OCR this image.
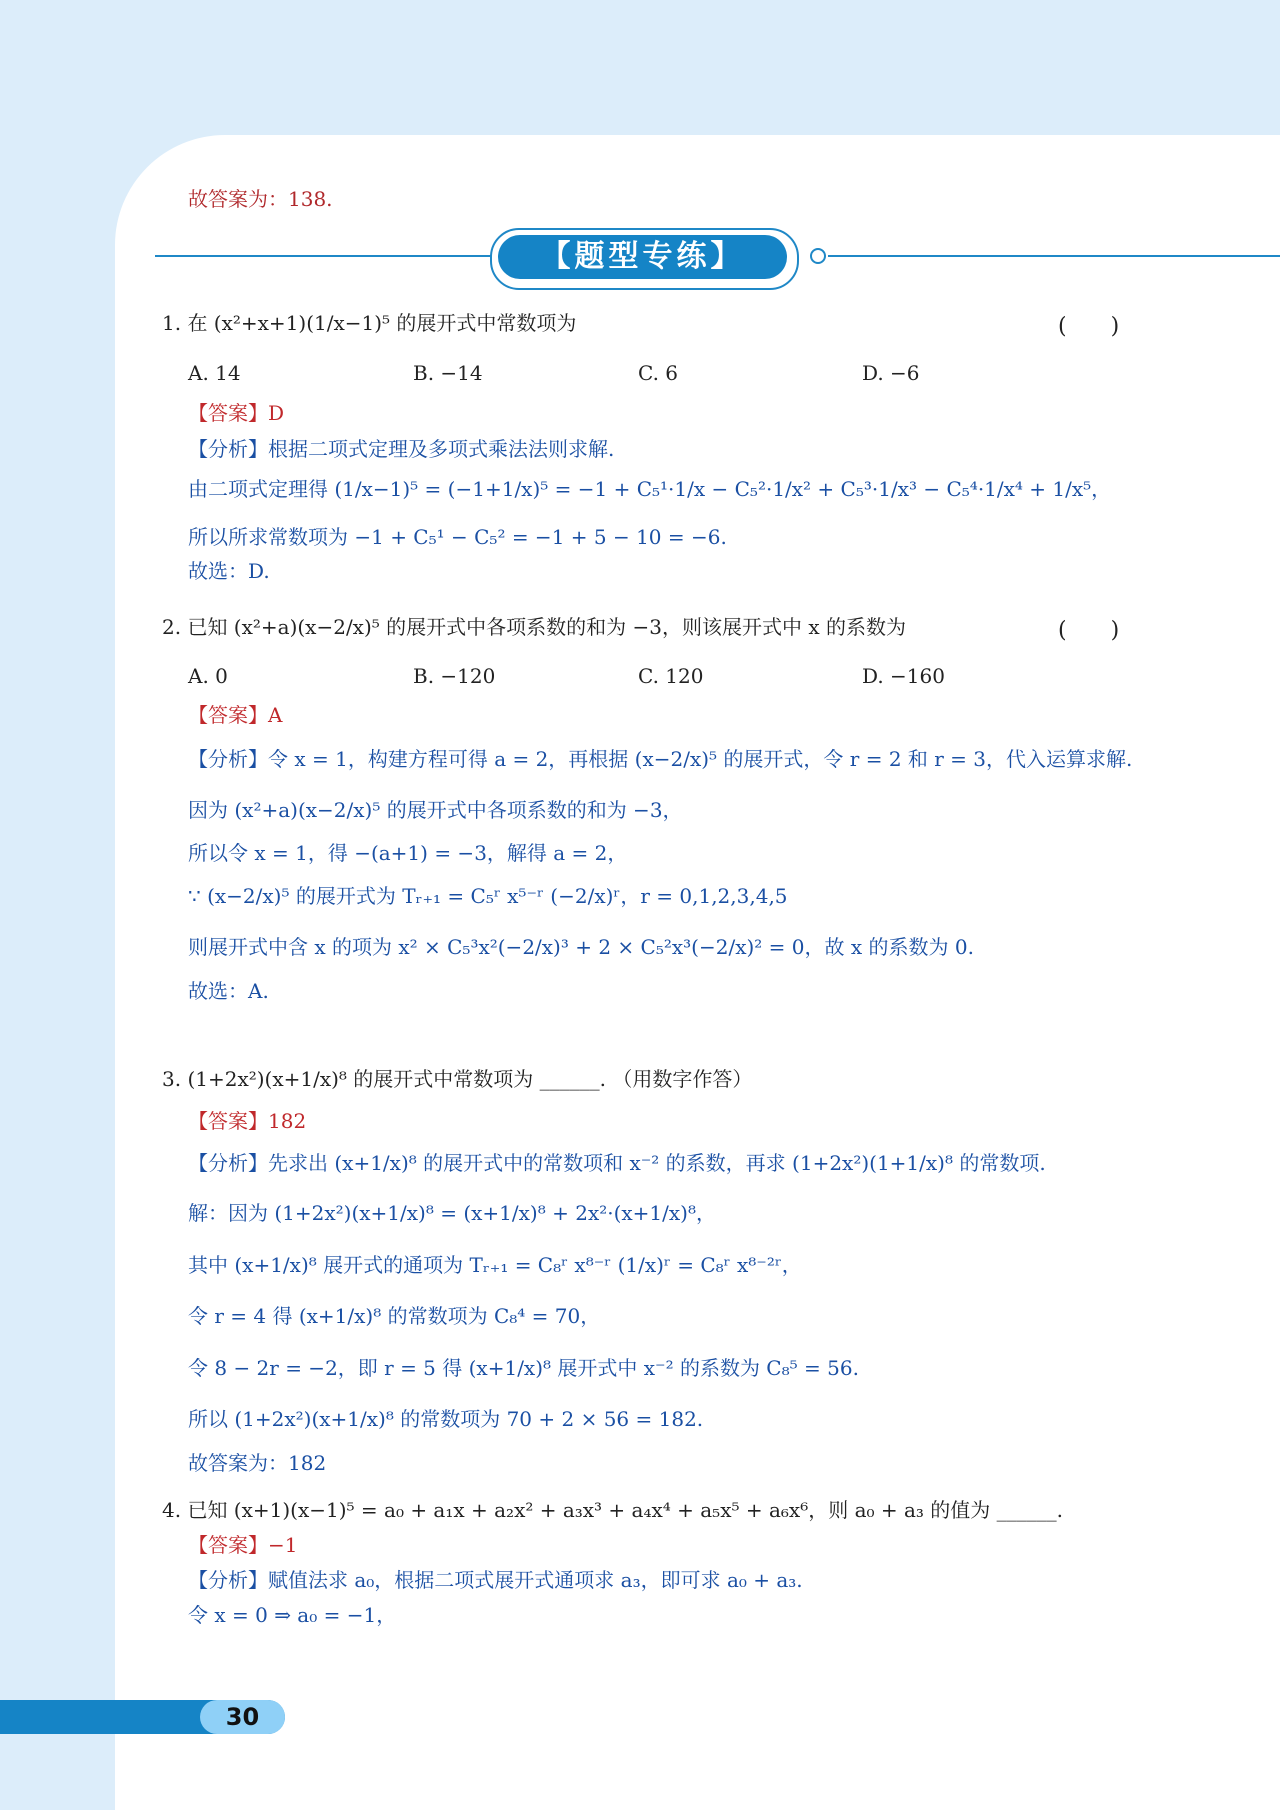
故答案为：138.
【题型专练】
1. 在 (x²+x+1)(1/x−1)⁵ 的展开式中常数项为	(　　)
A. 14	B. −14	C. 6	D. −6
【答案】D
【分析】根据二项式定理及多项式乘法法则求解.
由二项式定理得 (1/x−1)⁵ = (−1+1/x)⁵ = −1 + C₅¹·1/x − C₅²·1/x² + C₅³·1/x³ − C₅⁴·1/x⁴ + 1/x⁵，
所以所求常数项为 −1 + C₅¹ − C₅² = −1 + 5 − 10 = −6.
故选：D.
2. 已知 (x²+a)(x−2/x)⁵ 的展开式中各项系数的和为 −3，则该展开式中 x 的系数为	(　　)
A. 0	B. −120	C. 120	D. −160
【答案】A
【分析】令 x = 1，构建方程可得 a = 2，再根据 (x−2/x)⁵ 的展开式，令 r = 2 和 r = 3，代入运算求解.
因为 (x²+a)(x−2/x)⁵ 的展开式中各项系数的和为 −3，
所以令 x = 1，得 −(a+1) = −3，解得 a = 2，
∵ (x−2/x)⁵ 的展开式为 Tᵣ₊₁ = C₅ʳ x⁵⁻ʳ (−2/x)ʳ，r = 0,1,2,3,4,5
则展开式中含 x 的项为 x² × C₅³x²(−2/x)³ + 2 × C₅²x³(−2/x)² = 0，故 x 的系数为 0.
故选：A.
3. (1+2x²)(x+1/x)⁸ 的展开式中常数项为 ______. （用数字作答）
【答案】182
【分析】先求出 (x+1/x)⁸ 的展开式中的常数项和 x⁻² 的系数，再求 (1+2x²)(1+1/x)⁸ 的常数项.
解：因为 (1+2x²)(x+1/x)⁸ = (x+1/x)⁸ + 2x²·(x+1/x)⁸，
其中 (x+1/x)⁸ 展开式的通项为 Tᵣ₊₁ = C₈ʳ x⁸⁻ʳ (1/x)ʳ = C₈ʳ x⁸⁻²ʳ，
令 r = 4 得 (x+1/x)⁸ 的常数项为 C₈⁴ = 70，
令 8 − 2r = −2，即 r = 5 得 (x+1/x)⁸ 展开式中 x⁻² 的系数为 C₈⁵ = 56.
所以 (1+2x²)(x+1/x)⁸ 的常数项为 70 + 2 × 56 = 182.
故答案为：182
4. 已知 (x+1)(x−1)⁵ = a₀ + a₁x + a₂x² + a₃x³ + a₄x⁴ + a₅x⁵ + a₆x⁶，则 a₀ + a₃ 的值为 ______.
【答案】−1
【分析】赋值法求 a₀，根据二项式展开式通项求 a₃，即可求 a₀ + a₃.
令 x = 0 ⇒ a₀ = −1，
30
